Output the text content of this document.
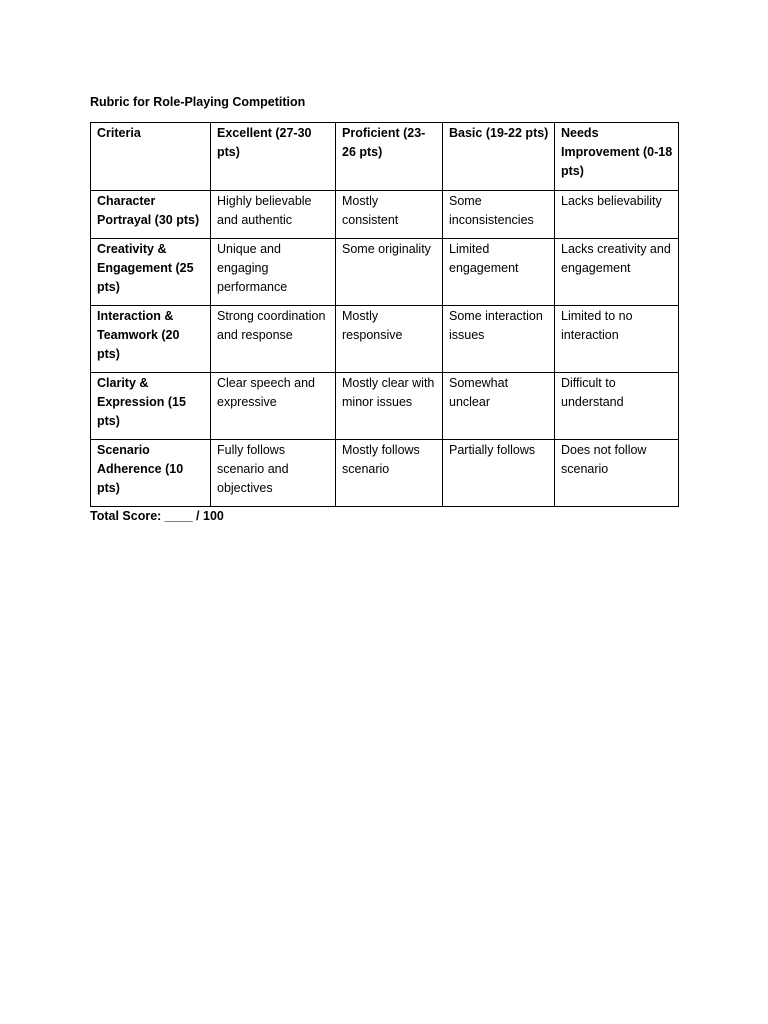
Rubric for Role-Playing Competition
Criteria	Excellent (27-30 pts)	Proficient (23-26 pts)	Basic (19-22 pts)	Needs Improvement (0-18 pts)
Character Portrayal (30 pts)	Highly believable and authentic	Mostly consistent	Some inconsistencies	Lacks believability
Creativity & Engagement (25 pts)	Unique and engaging performance	Some originality	Limited engagement	Lacks creativity and engagement
Interaction & Teamwork (20 pts)	Strong coordination and response	Mostly responsive	Some interaction issues	Limited to no interaction
Clarity & Expression (15 pts)	Clear speech and expressive	Mostly clear with minor issues	Somewhat unclear	Difficult to understand
Scenario Adherence (10 pts)	Fully follows scenario and objectives	Mostly follows scenario	Partially follows	Does not follow scenario
Total Score: ____ / 100
